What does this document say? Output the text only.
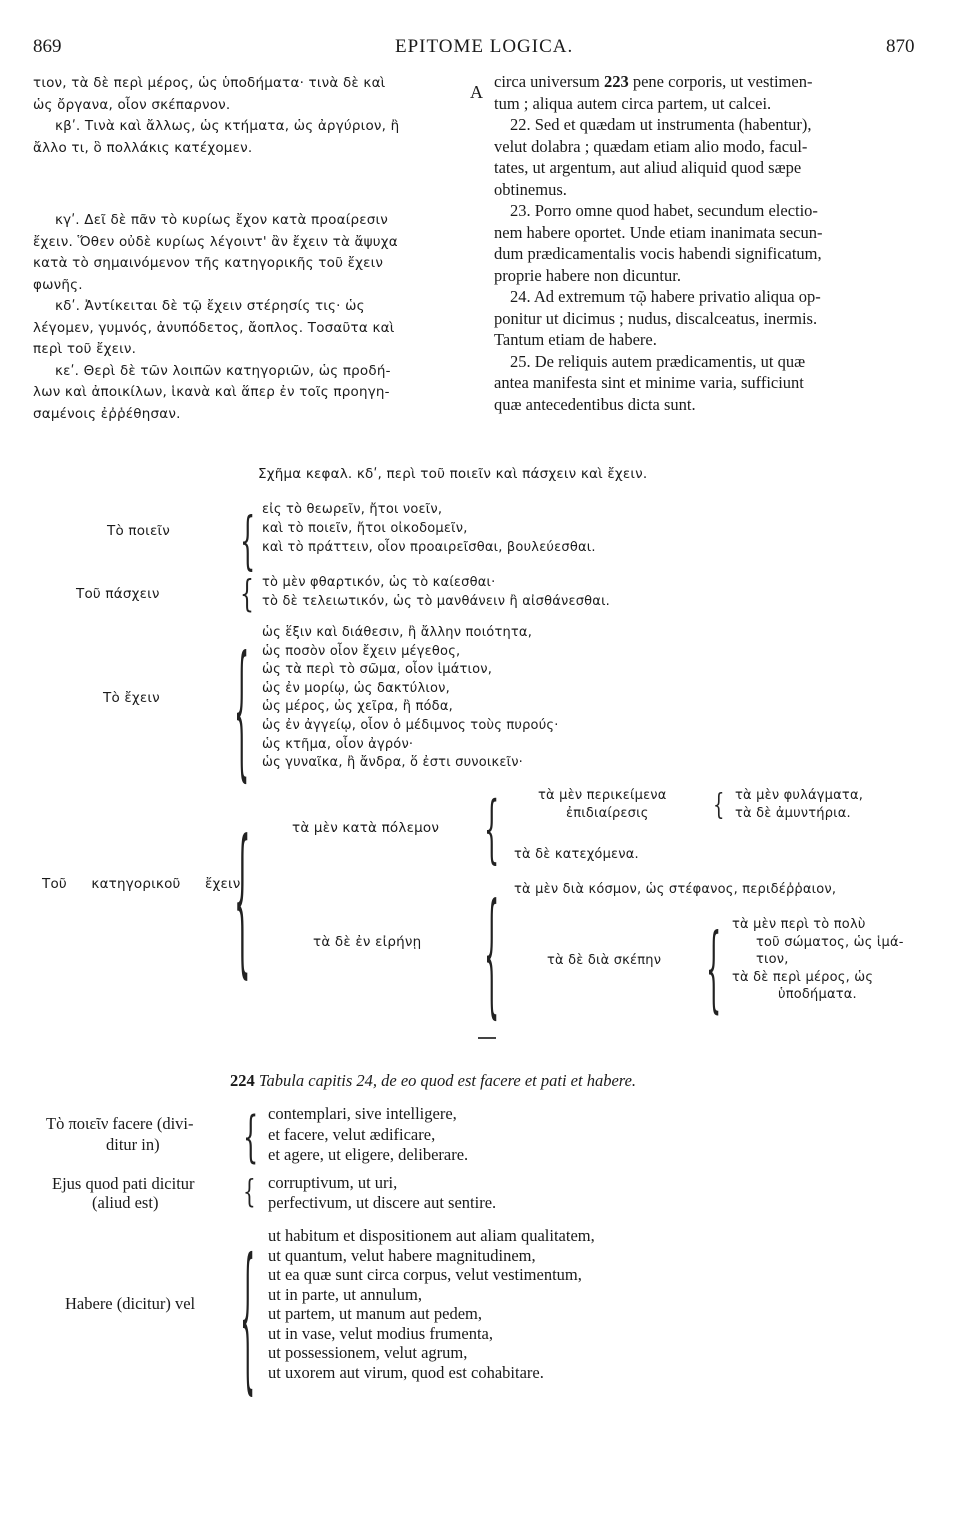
869	EPITOME LOGICA.	870
τιον, τὰ δὲ περὶ μέρος, ὡς ὑποδήματα· τινὰ δὲ καὶ
ὡς ὄργανα, οἷον σκέπαρνον.
κβʹ. Τινὰ καὶ ἄλλως, ὡς κτήματα, ὡς ἀργύριον, ἢ
ἄλλο τι, ὃ πολλάκις κατέχομεν.
κγʹ. Δεῖ δὲ πᾶν τὸ κυρίως ἔχον κατὰ προαίρεσιν
ἔχειν. Ὅθεν οὐδὲ κυρίως λέγοιντ' ἂν ἔχειν τὰ ἄψυχα
κατὰ τὸ σημαινόμενον τῆς κατηγορικῆς τοῦ ἔχειν
φωνῆς.
κδʹ. Ἀντίκειται δὲ τῷ ἔχειν στέρησίς τις· ὡς
λέγομεν, γυμνός, ἀνυπόδετος, ἄοπλος. Τοσαῦτα καὶ
περὶ τοῦ ἔχειν.
κεʹ. Θερὶ δὲ τῶν λοιπῶν κατηγοριῶν, ὡς προδή-
λων καὶ ἀποικίλων, ἱκανὰ καὶ ἅπερ ἐν τοῖς προηγη-
σαμένοις ἐῤῥέθησαν.
A
circa universum 223 pene corporis, ut vestimen-
tum ; aliqua autem circa partem, ut calcei.
22. Sed et quædam ut instrumenta (habentur),
velut dolabra ; quædam etiam alio modo, facul-
tates, ut argentum, aut aliud aliquid quod sæpe
obtinemus.
23. Porro omne quod habet, secundum electio-
nem habere oportet. Unde etiam inanimata secun-
dum prædicamentalis vocis habendi significatum,
proprie habere non dicuntur.
24. Ad extremum τῷ habere privatio aliqua op-
ponitur ut dicimus ; nudus, discalceatus, inermis.
Tantum etiam de habere.
25. De reliquis autem prædicamentis, ut quæ
antea manifesta sint et minime varia, sufficiunt
quæ antecedentibus dicta sunt.
Σχῆμα κεφαλ. κδʹ, περὶ τοῦ ποιεῖν καὶ πάσχειν καὶ ἔχειν.
Τὸ ποιεῖν	{ εἰς τὸ θεωρεῖν, ἤτοι νοεῖν,
καὶ τὸ ποιεῖν, ἤτοι οἰκοδομεῖν,
καὶ τὸ πράττειν, οἷον προαιρεῖσθαι, βουλεύεσθαι.
Τοῦ πάσχειν	{ τὸ μὲν φθαρτικόν, ὡς τὸ καίεσθαι·
τὸ δὲ τελειωτικόν, ὡς τὸ μανθάνειν ἢ αἰσθάνεσθαι.
Τὸ ἔχειν	{ ὡς ἕξιν καὶ διάθεσιν, ἢ ἄλλην ποιότητα,
ὡς ποσὸν οἷον ἔχειν μέγεθος,
ὡς τὰ περὶ τὸ σῶμα, οἷον ἱμάτιον,
ὡς ἐν μορίῳ, ὡς δακτύλιον,
ὡς μέρος, ὡς χεῖρα, ἢ πόδα,
ὡς ἐν ἀγγείῳ, οἷον ὁ μέδιμνος τοὺς πυρούς·
ὡς κτῆμα, οἷον ἀγρόν·
ὡς γυναῖκα, ἢ ἄνδρα, ὅ ἐστι συνοικεῖν·
Τοῦ κατηγορικοῦ ἔχειν
{	τὰ μὲν κατὰ πόλεμον {	τὰ μὲν περικείμενα
ἐπιδιαίρεσις	{ τὰ μὲν φυλάγματα,
τὰ δὲ ἀμυντήρια.
τὰ δὲ κατεχόμενα.
τὰ δὲ ἐν εἰρήνῃ	{ τὰ μὲν διὰ κόσμον, ὡς στέφανος, περιδέῤῥαιον,
τὰ δὲ διὰ σκέπην { τὰ μὲν περὶ τὸ πολὺ
τοῦ σώματος, ὡς ἱμά-
τιον,
τὰ δὲ περὶ μέρος, ὡς
ὑποδήματα.
224 Tabula capitis 24, de eo quod est facere et pati et habere.
Τὸ ποιεῖν facere (divi-
ditur in)	{ contemplari, sive intelligere,
et facere, velut ædificare,
et agere, ut eligere, deliberare.
Ejus quod pati dicitur
(aliud est)	{ corruptivum, ut uri,
perfectivum, ut discere aut sentire.
Habere (dicitur) vel { ut habitum et dispositionem aut aliam qualitatem,
ut quantum, velut habere magnitudinem,
ut ea quæ sunt circa corpus, velut vestimentum,
ut in parte, ut annulum,
ut partem, ut manum aut pedem,
ut in vase, velut modius frumenta,
ut possessionem, velut agrum,
ut uxorem aut virum, quod est cohabitare.
